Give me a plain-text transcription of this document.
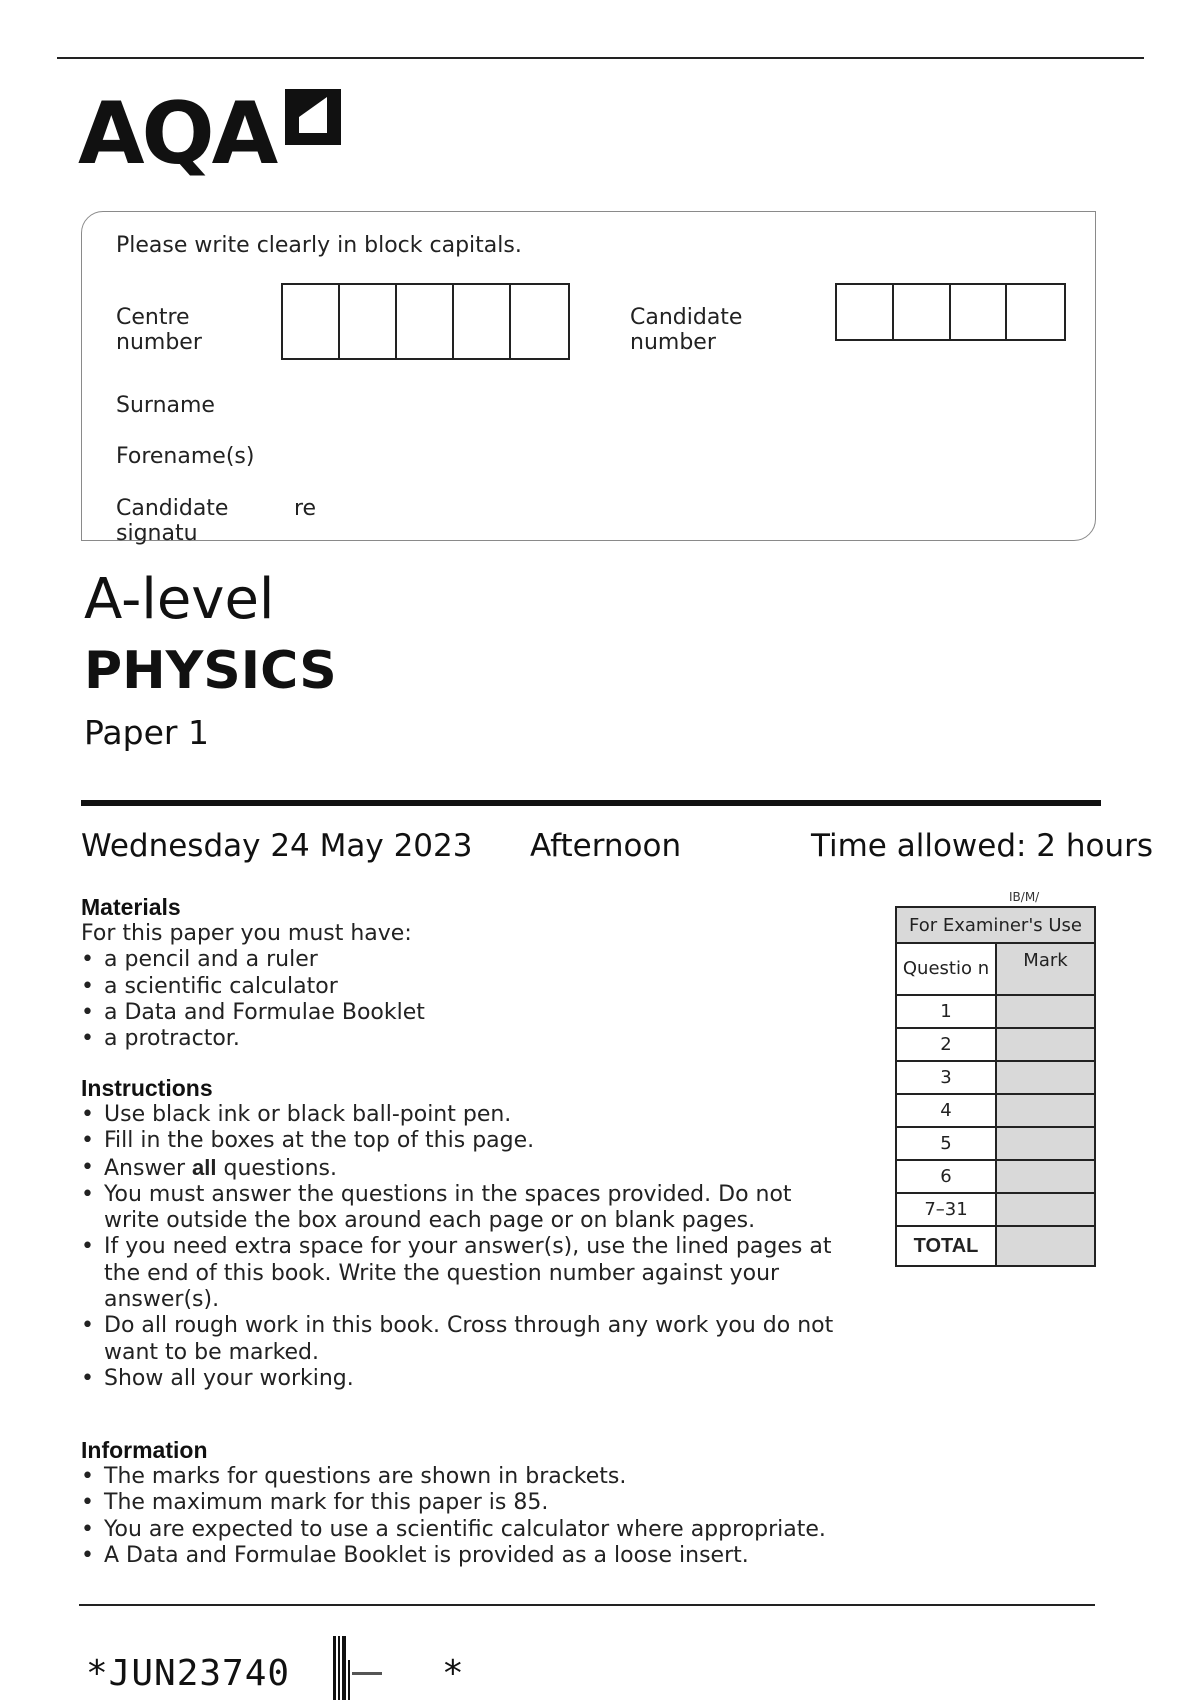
AQA
Please write clearly in block capitals.
Centre number
Candidate number
Surname
Forename(s)
Candidate signatu
re
A-level
PHYSICS
Paper 1
Wednesday 24 May 2023 Afternoon	Time allowed: 2 hours
Materials
For this paper you must have:
• a pencil and a ruler
• a scientific calculator
• a Data and Formulae Booklet
• a protractor.
Instructions
• Use black ink or black ball-point pen.
• Fill in the boxes at the top of this page.
• Answer all questions.
• You must answer the questions in the spaces provided. Do not write outside the box around each page or on blank pages.
• If you need extra space for your answer(s), use the lined pages at the end of this book. Write the question number against your answer(s).
• Do all rough work in this book. Cross through any work you do not want to be marked.
• Show all your working.
Information
• The marks for questions are shown in brackets.
• The maximum mark for this paper is 85.
• You are expected to use a scientific calculator where appropriate.
• A Data and Formulae Booklet is provided as a loose insert.
IB/M/
For Examiner's Use	
Questio n	Mark
1	
2	
3	
4	
5	
6	
7–31	
TOTAL	
*JUN23740	*
